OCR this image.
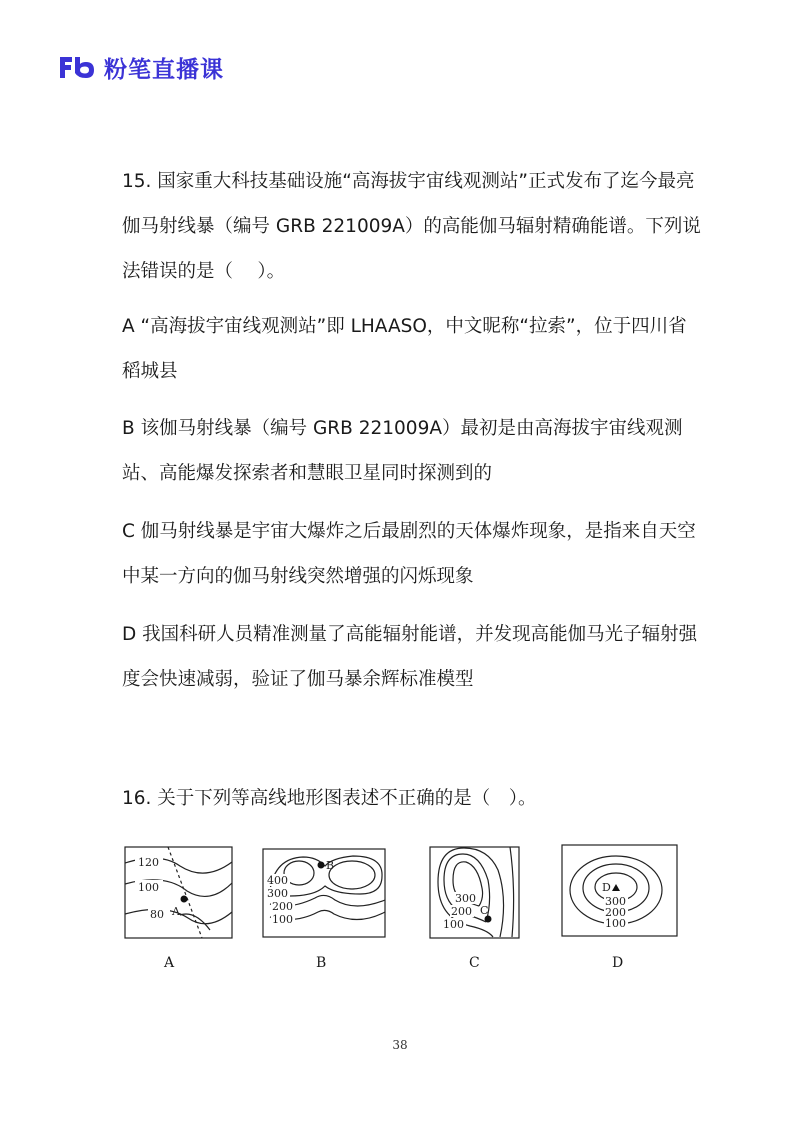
粉笔直播课
15. 国家重大科技基础设施“高海拔宇宙线观测站”正式发布了迄今最亮伽马射线暴（编号 GRB 221009A）的高能伽马辐射精确能谱。下列说法错误的是（　 ）。
A “高海拔宇宙线观测站”即 LHAASO，中文昵称“拉索”，位于四川省稻城县
B 该伽马射线暴（编号 GRB 221009A）最初是由高海拔宇宙线观测站、高能爆发探索者和慧眼卫星同时探测到的
C 伽马射线暴是宇宙大爆炸之后最剧烈的天体爆炸现象，是指来自天空中某一方向的伽马射线突然增强的闪烁现象
D 我国科研人员精准测量了高能辐射能谱，并发现高能伽马光子辐射强度会快速减弱，验证了伽马暴余辉标准模型
16. 关于下列等高线地形图表述不正确的是（　）。
120
100
80 A
400
300
200
100
B
300
200
100
C
300
200
100
D
A	B	C	D
38
